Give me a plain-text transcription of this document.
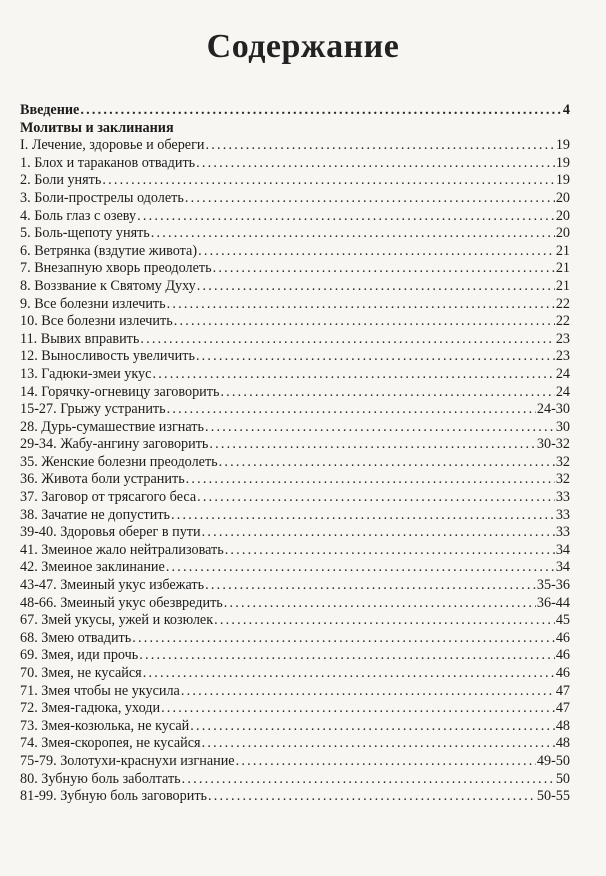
Содержание
Введение .....	4
Молитвы и заклинания
I. Лечение, здоровье и обереги .....	19
1. Блох и тараканов отвадить .....	19
2. Боли унять .....	19
3. Боли-прострелы одолеть .....	20
4. Боль глаз с озеву .....	20
5. Боль-щепоту унять .....	20
6. Ветрянка (вздутие живота) .....	21
7. Внезапную хворь преодолеть .....	21
8. Воззвание к Святому Духу .....	21
9. Все болезни излечить .....	22
10. Все болезни излечить .....	22
11. Вывих вправить .....	23
12. Выносливость увеличить .....	23
13. Гадюки-змеи укус .....	24
14. Горячку-огневицу заговорить .....	24
15-27. Грыжу устранить .....	24-30
28. Дурь-сумашествие изгнать .....	30
29-34. Жабу-ангину заговорить .....	30-32
35. Женские болезни преодолеть .....	32
36. Живота боли устранить .....	32
37. Заговор от трясагого беса .....	33
38. Зачатие не допустить .....	33
39-40. Здоровья оберег в пути .....	33
41. Змеиное жало нейтрализовать .....	34
42. Змеиное заклинание .....	34
43-47. Змеиный укус избежать .....	35-36
48-66. Змеиный укус обезвредить .....	36-44
67. Змей укусы, ужей и козюлек .....	45
68. Змею отвадить .....	46
69. Змея, иди прочь .....	46
70. Змея, не кусайся .....	46
71. Змея чтобы не укусила .....	47
72. Змея-гадюка, уходи .....	47
73. Змея-козюлька, не кусай .....	48
74. Змея-скоропея, не кусайся .....	48
75-79. Золотухи-краснухи изгнание .....	49-50
80. Зубную боль заболтать .....	50
81-99. Зубную боль заговорить .....	50-55
